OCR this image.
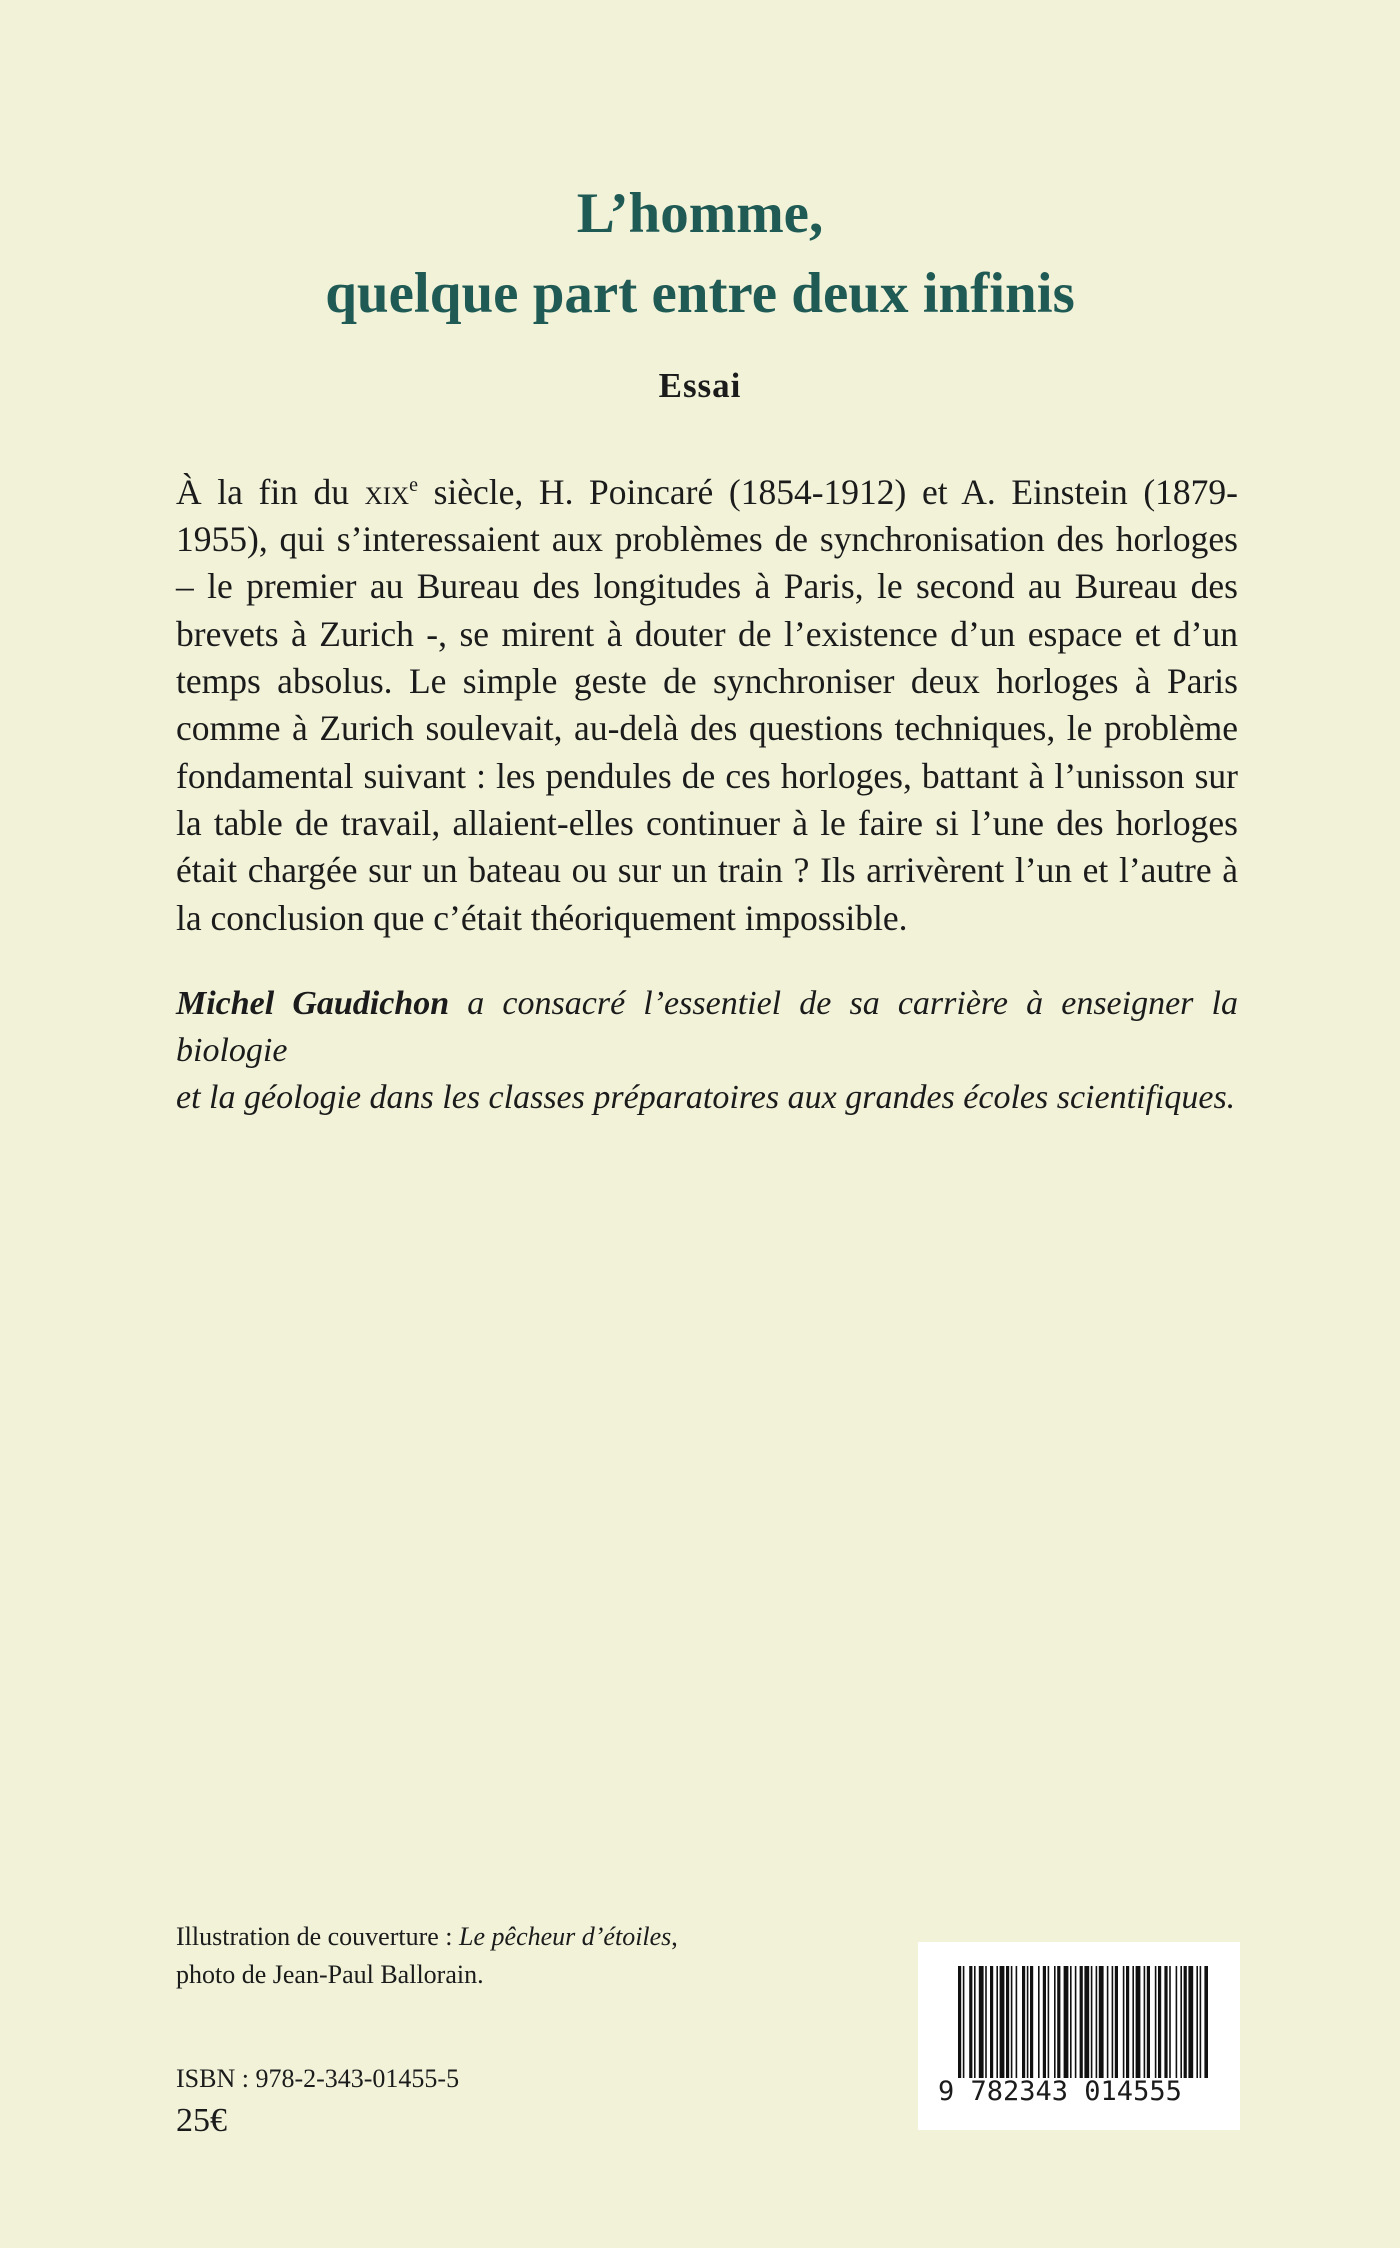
L’homme,
quelque part entre deux infinis
Essai
À la fin du xix$^e$ siècle, H. Poincaré (1854-1912) et A. Einstein (1879-
1955), qui s’interessaient aux problèmes de synchronisation des horloges
– le premier au Bureau des longitudes à Paris, le second au Bureau des
brevets à Zurich -, se mirent à douter de l’existence d’un espace et d’un
temps absolus. Le simple geste de synchroniser deux horloges à Paris
comme à Zurich soulevait, au-delà des questions techniques, le problème
fondamental suivant : les pendules de ces horloges, battant à l’unisson sur
la table de travail, allaient-elles continuer à le faire si l’une des horloges
était chargée sur un bateau ou sur un train ? Ils arrivèrent l’un et l’autre à
la conclusion que c’était théoriquement impossible.
Michel Gaudichon a consacré l’essentiel de sa carrière à enseigner la biologie
et la géologie dans les classes préparatoires aux grandes écoles scientifiques.
Illustration de couverture : Le pêcheur d’étoiles,
photo de Jean-Paul Ballorain.
ISBN : 978-2-343-01455-5
25€
9 782343 014555
